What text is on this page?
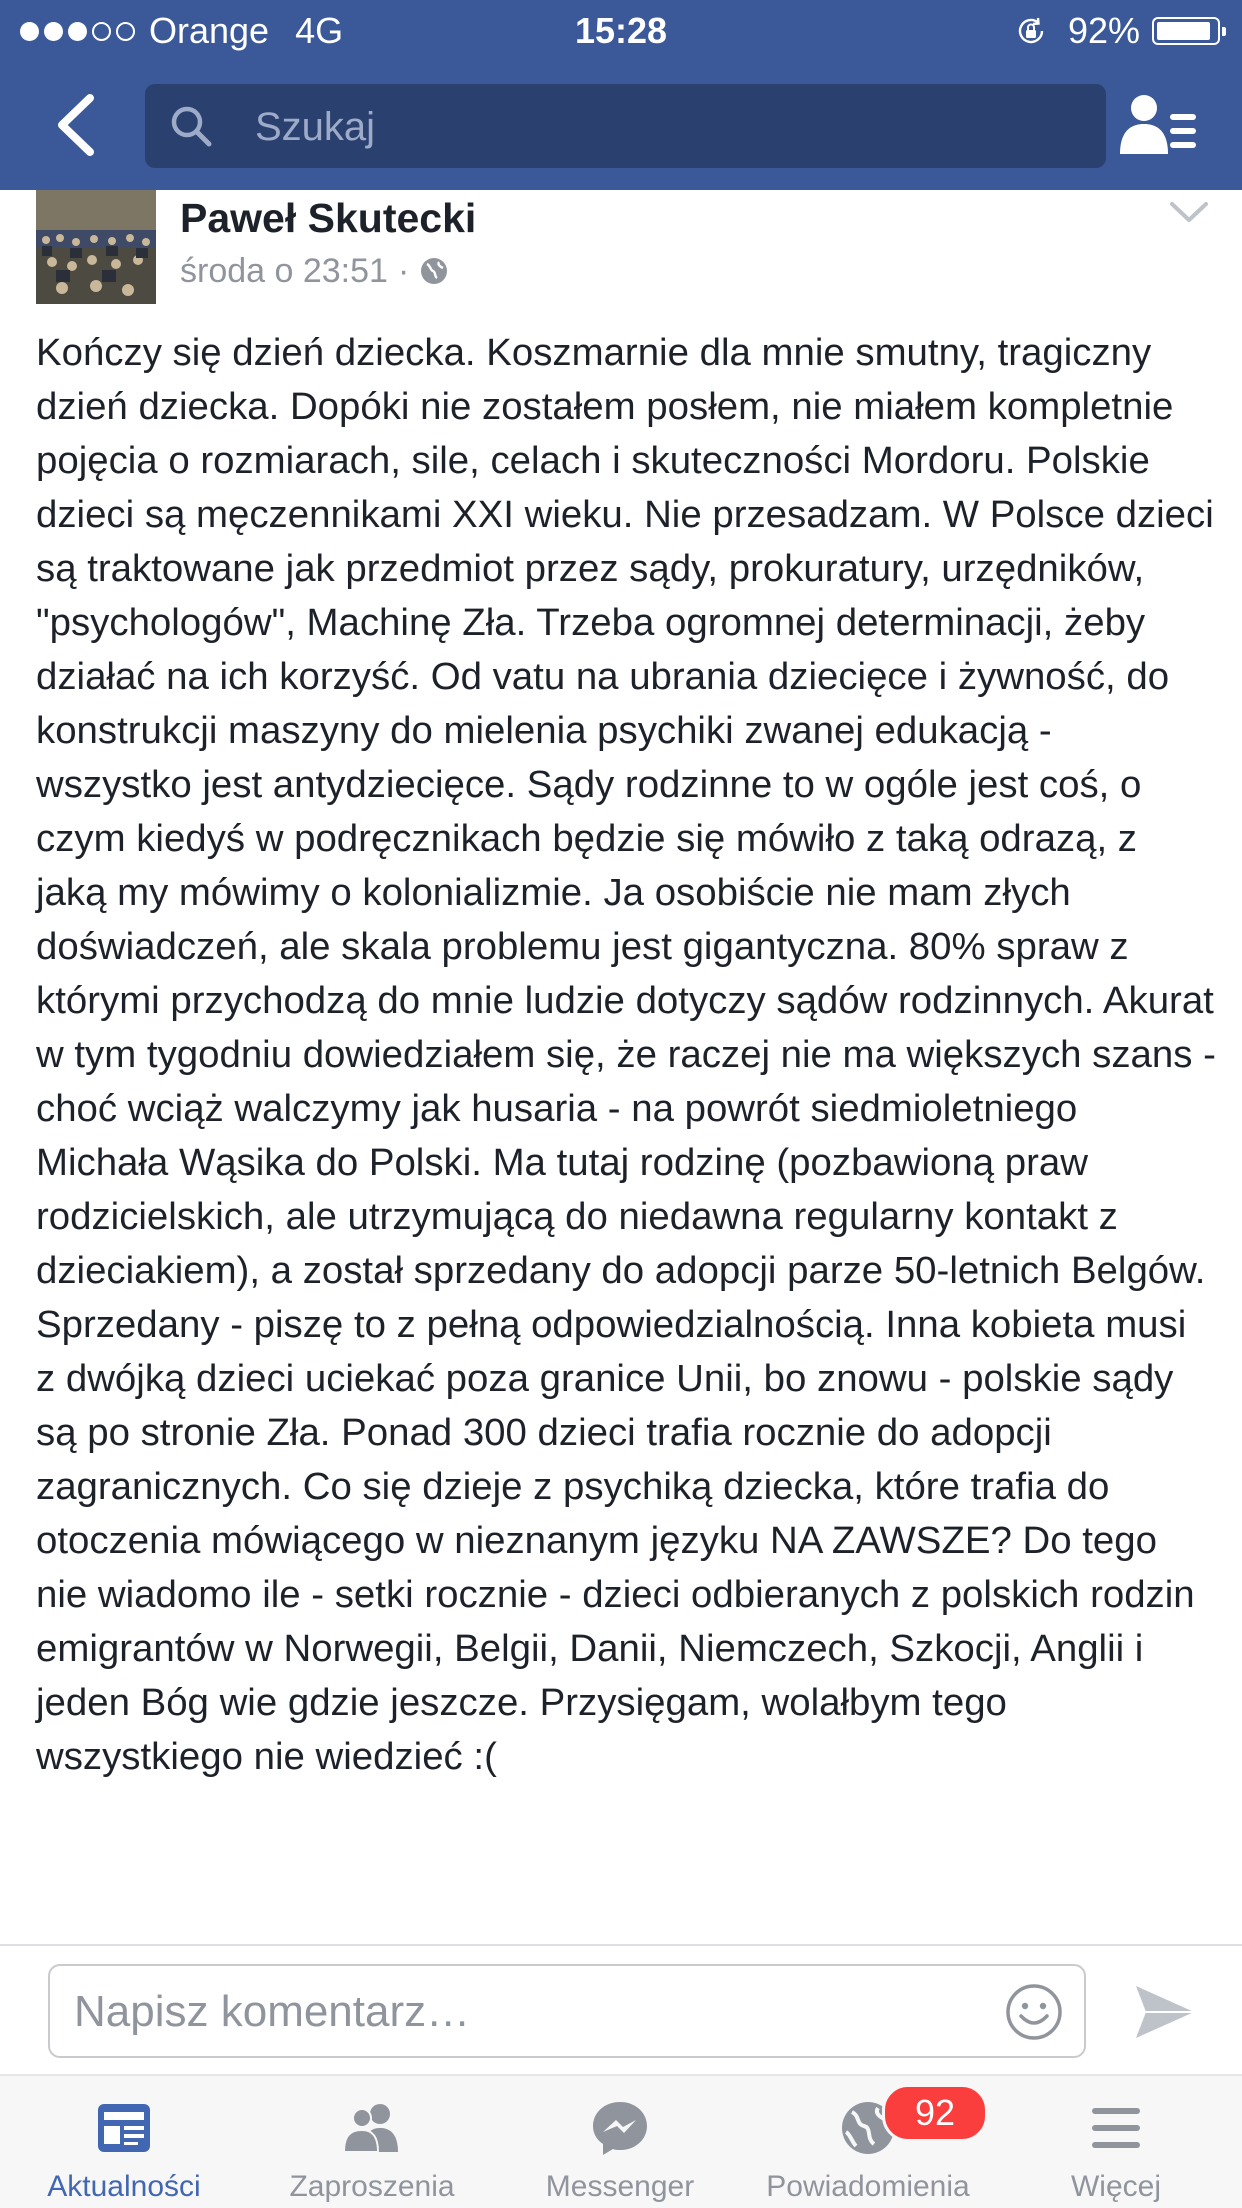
Orange 4G	15:28	92%
Szukaj
Paweł Skutecki
środa o 23:51 ·

Kończy się dzień dziecka. Koszmarnie dla mnie smutny, tragiczny dzień dziecka. Dopóki nie zostałem posłem, nie miałem kompletnie pojęcia o rozmiarach, sile, celach i skuteczności Mordoru. Polskie dzieci są męczennikami XXI wieku. Nie przesadzam. W Polsce dzieci są traktowane jak przedmiot przez sądy, prokuratury, urzędników, "psychologów", Machinę Zła. Trzeba ogromnej determinacji, żeby działać na ich korzyść. Od vatu na ubrania dziecięce i żywność, do konstrukcji maszyny do mielenia psychiki zwanej edukacją - wszystko jest antydziecięce. Sądy rodzinne to w ogóle jest coś, o czym kiedyś w podręcznikach będzie się mówiło z taką odrazą, z jaką my mówimy o kolonializmie. Ja osobiście nie mam złych doświadczeń, ale skala problemu jest gigantyczna. 80% spraw z którymi przychodzą do mnie ludzie dotyczy sądów rodzinnych. Akurat w tym tygodniu dowiedziałem się, że raczej nie ma większych szans - choć wciąż walczymy jak husaria - na powrót siedmioletniego Michała Wąsika do Polski. Ma tutaj rodzinę (pozbawioną praw rodzicielskich, ale utrzymującą do niedawna regularny kontakt z dzieciakiem), a został sprzedany do adopcji parze 50-letnich Belgów. Sprzedany - piszę to z pełną odpowiedzialnością. Inna kobieta musi z dwójką dzieci uciekać poza granice Unii, bo znowu - polskie sądy są po stronie Zła. Ponad 300 dzieci trafia rocznie do adopcji zagranicznych. Co się dzieje z psychiką dziecka, które trafia do otoczenia mówiącego w nieznanym języku NA ZAWSZE? Do tego nie wiadomo ile - setki rocznie - dzieci odbieranych z polskich rodzin emigrantów w Norwegii, Belgii, Danii, Niemczech, Szkocji, Anglii i jeden Bóg wie gdzie jeszcze. Przysięgam, wolałbym tego wszystkiego nie wiedzieć :(

Napisz komentarz…
Aktualności	Zaproszenia	Messenger
92
Powiadomienia	Więcej
